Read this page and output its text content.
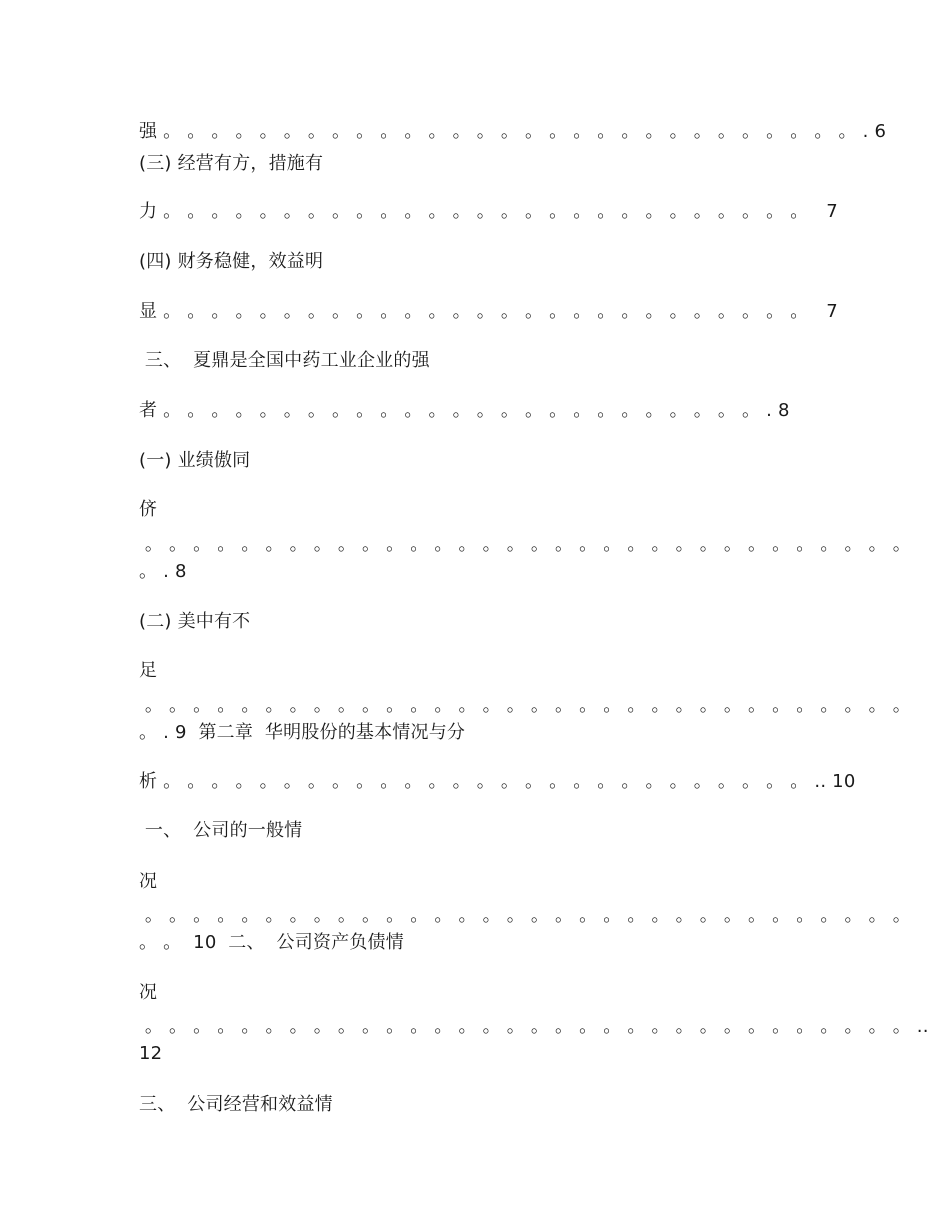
强 。 。 。 。 。 。 。 。 。 。 。 。 。 。 。 。 。 。 。 。 。 。 。 。 。 。 。 。 。 . 6
(三) 经营有方，措施有
力 。 。 。 。 。 。 。 。 。 。 。 。 。 。 。 。 。 。 。 。 。 。 。 。 。 。 。   7
(四) 财务稳健，效益明
显 。 。 。 。 。 。 。 。 。 。 。 。 。 。 。 。 。 。 。 。 。 。 。 。 。 。 。   7
三、  夏鼎是全国中药工业企业的强
者 。 。 。 。 。 。 。 。 。 。 。 。 。 。 。 。 。 。 。 。 。 。 。 。 。 . 8
(一) 业绩傲同
侪
。 。 。 。 。 。 。 。 。 。 。 。 。 。 。 。 。 。 。 。 。 。 。 。 。 。 。 。 。 。 。 。
。 . 8
(二) 美中有不
足
。 。 。 。 。 。 。 。 。 。 。 。 。 。 。 。 。 。 。 。 。 。 。 。 。 。 。 。 。 。 。 。
。 . 9  第二章  华明股份的基本情况与分
析 。 。 。 。 。 。 。 。 。 。 。 。 。 。 。 。 。 。 。 。 。 。 。 。 。 。 。 .. 10
一、  公司的一般情
况
。 。 。 。 。 。 。 。 。 。 。 。 。 。 。 。 。 。 。 。 。 。 。 。 。 。 。 。 。 。 。 。
。 。  10  二、  公司资产负债情
况
。 。 。 。 。 。 。 。 。 。 。 。 。 。 。 。 。 。 。 。 。 。 。 。 。 。 。 。 。 。 。 。 ..
12
三、  公司经营和效益情
